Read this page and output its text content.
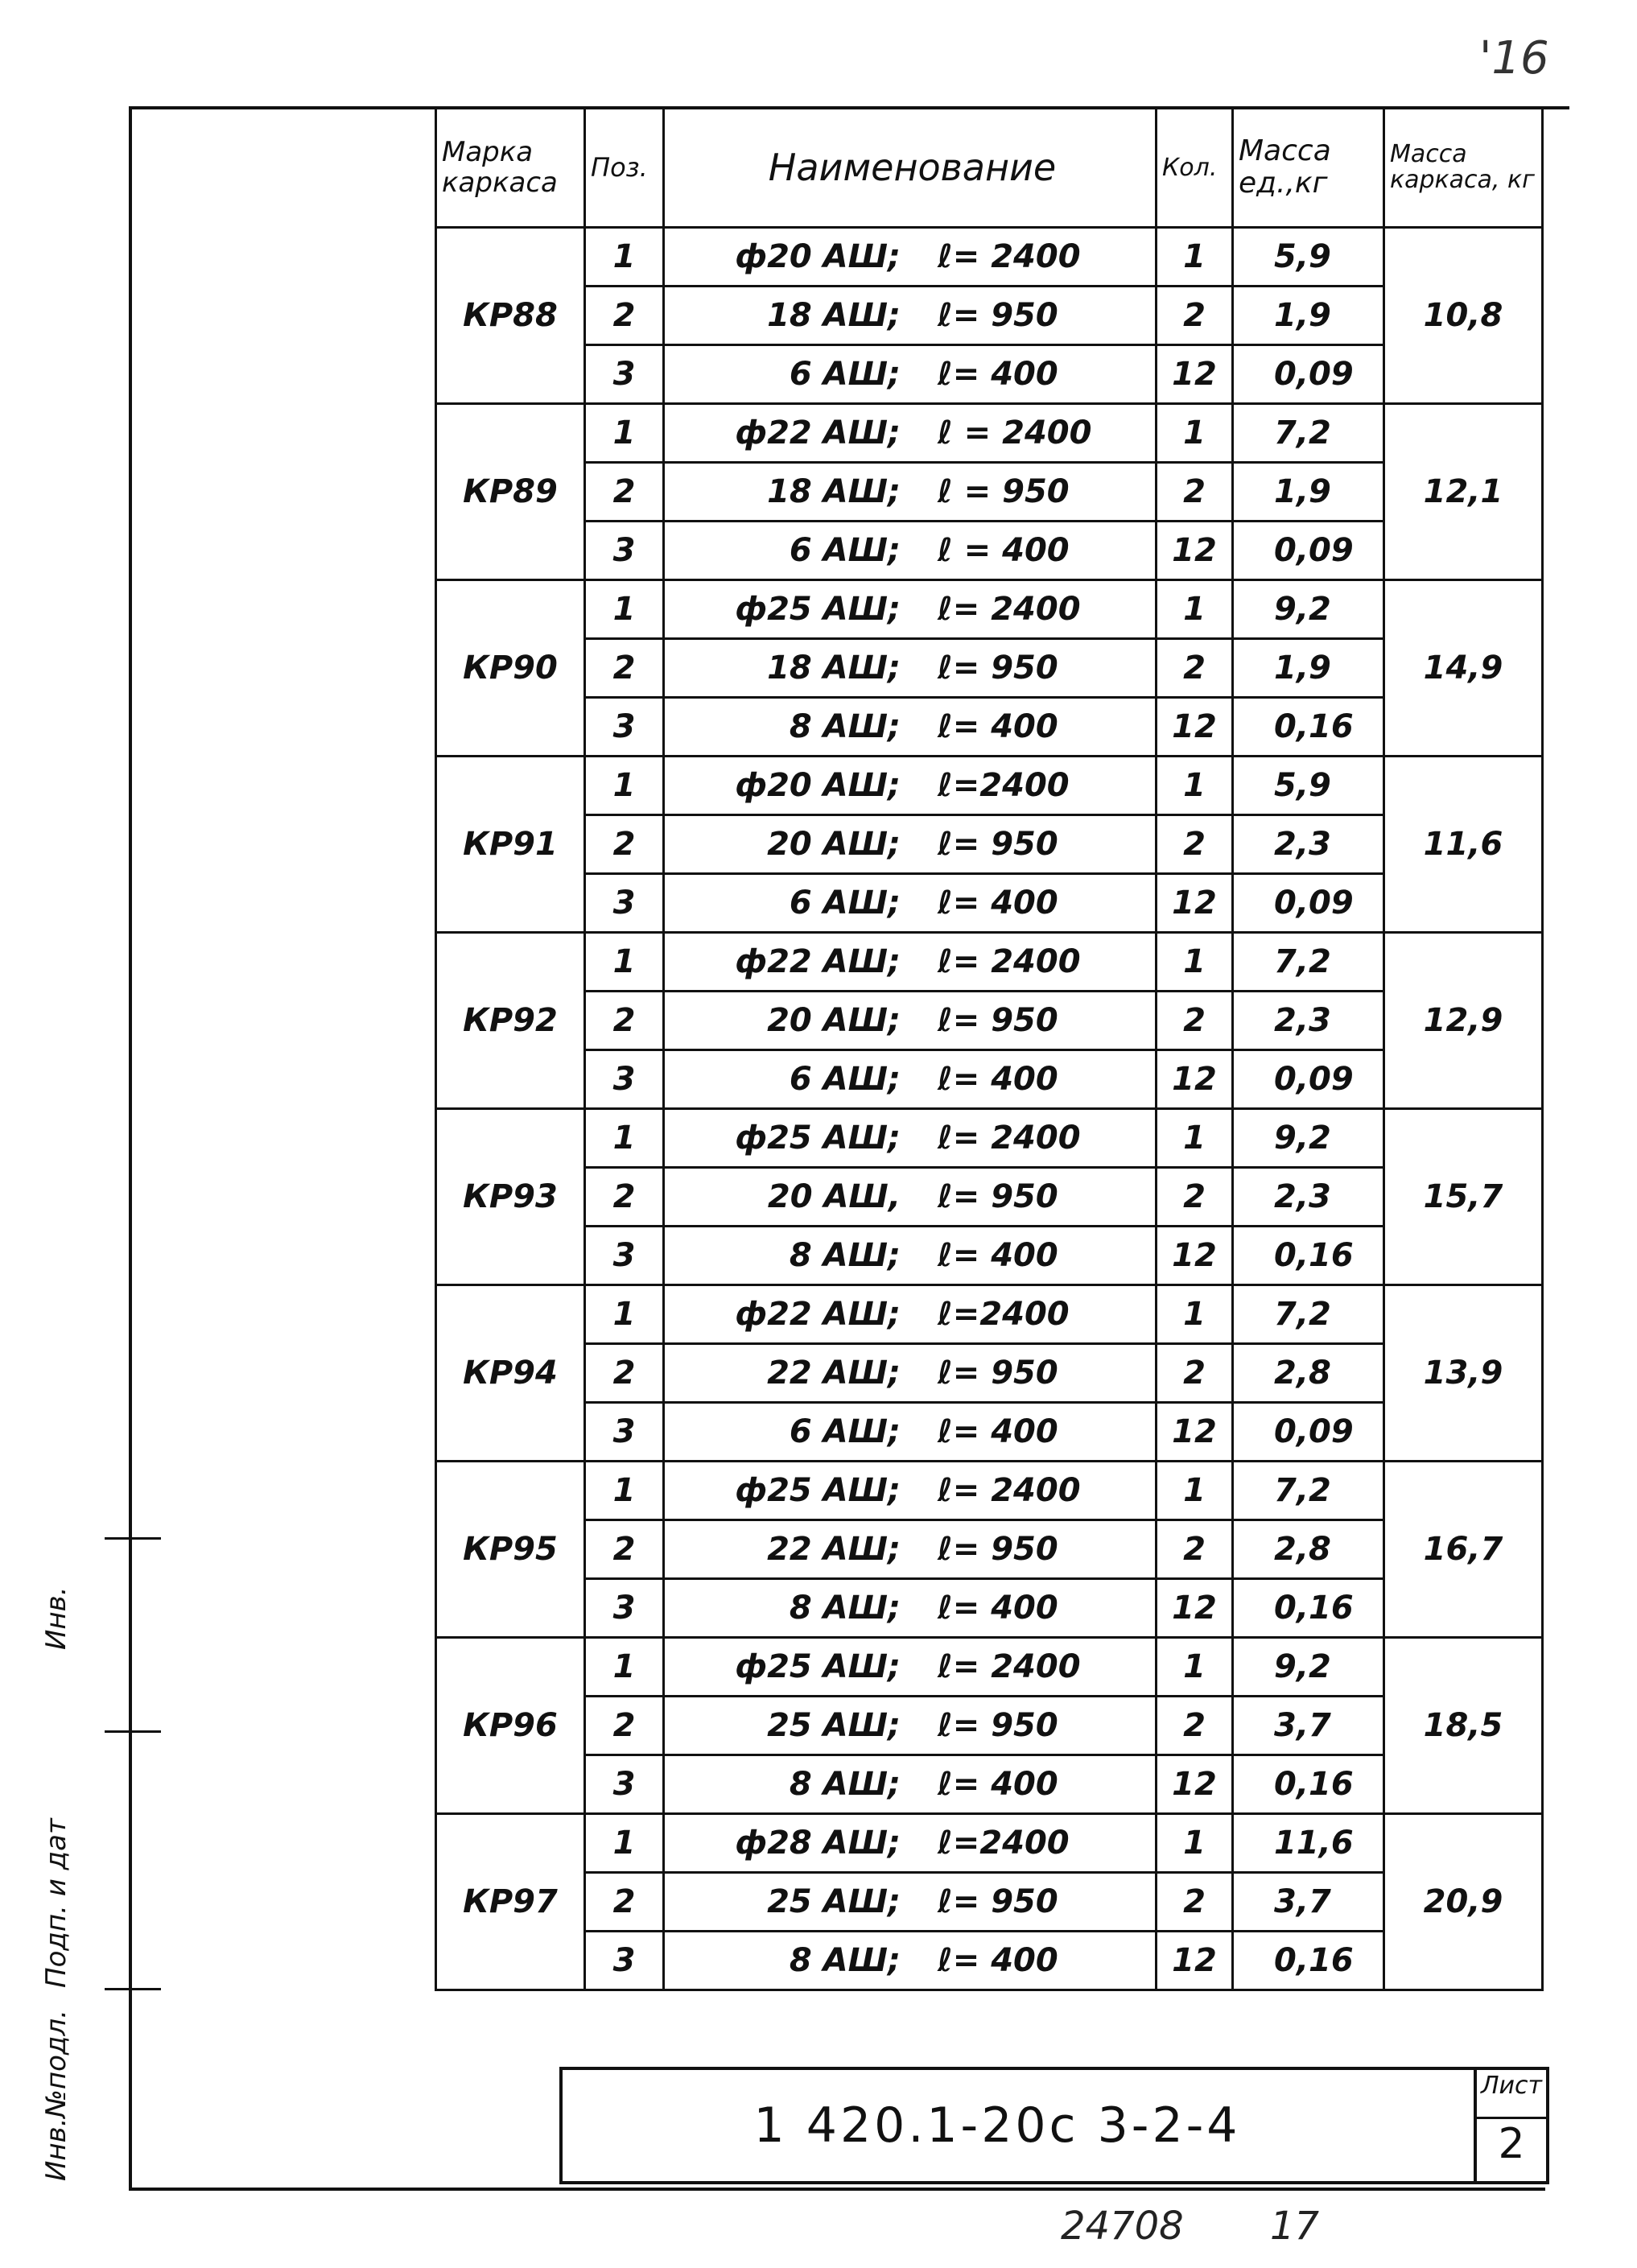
'16
Марка каркаса	Поз.	Наименование	Кол.	Масса ед.,кг	Масса каркаса, кг
КР88	1	ф20 АШ; ℓ= 2400	1	5,9	10,8
	2	18 АШ; ℓ= 950	2	1,9	
	3	6 АШ; ℓ= 400	12	0,09	
КР89	1	ф22 АШ; ℓ = 2400	1	7,2	12,1
	2	18 АШ; ℓ = 950	2	1,9	
	3	6 АШ; ℓ = 400	12	0,09	
КР90	1	ф25 АШ; ℓ= 2400	1	9,2	14,9
	2	18 АШ; ℓ= 950	2	1,9	
	3	8 АШ; ℓ= 400	12	0,16	
КР91	1	ф20 АШ; ℓ=2400	1	5,9	11,6
	2	20 АШ; ℓ= 950	2	2,3	
	3	6 АШ; ℓ= 400	12	0,09	
КР92	1	ф22 АШ; ℓ= 2400	1	7,2	12,9
	2	20 АШ; ℓ= 950	2	2,3	
	3	6 АШ; ℓ= 400	12	0,09	
КР93	1	ф25 АШ; ℓ= 2400	1	9,2	15,7
	2	20 АШ, ℓ= 950	2	2,3	
	3	8 АШ; ℓ= 400	12	0,16	
КР94	1	ф22 АШ; ℓ=2400	1	7,2	13,9
	2	22 АШ; ℓ= 950	2	2,8	
	3	6 АШ; ℓ= 400	12	0,09	
КР95	1	ф25 АШ; ℓ= 2400	1	7,2	16,7
	2	22 АШ; ℓ= 950	2	2,8	
	3	8 АШ; ℓ= 400	12	0,16	
КР96	1	ф25 АШ; ℓ= 2400	1	9,2	18,5
	2	25 АШ; ℓ= 950	2	3,7	
	3	8 АШ; ℓ= 400	12	0,16	
КР97	1	ф28 АШ; ℓ=2400	1	11,6	20,9
	2	25 АШ; ℓ= 950	2	3,7	
	3	8 АШ; ℓ= 400	12	0,16	
Инв.
Подп. и дат
Инв.№подл.	1 420.1-20с 3-2-4
Лист
2
24708 17
